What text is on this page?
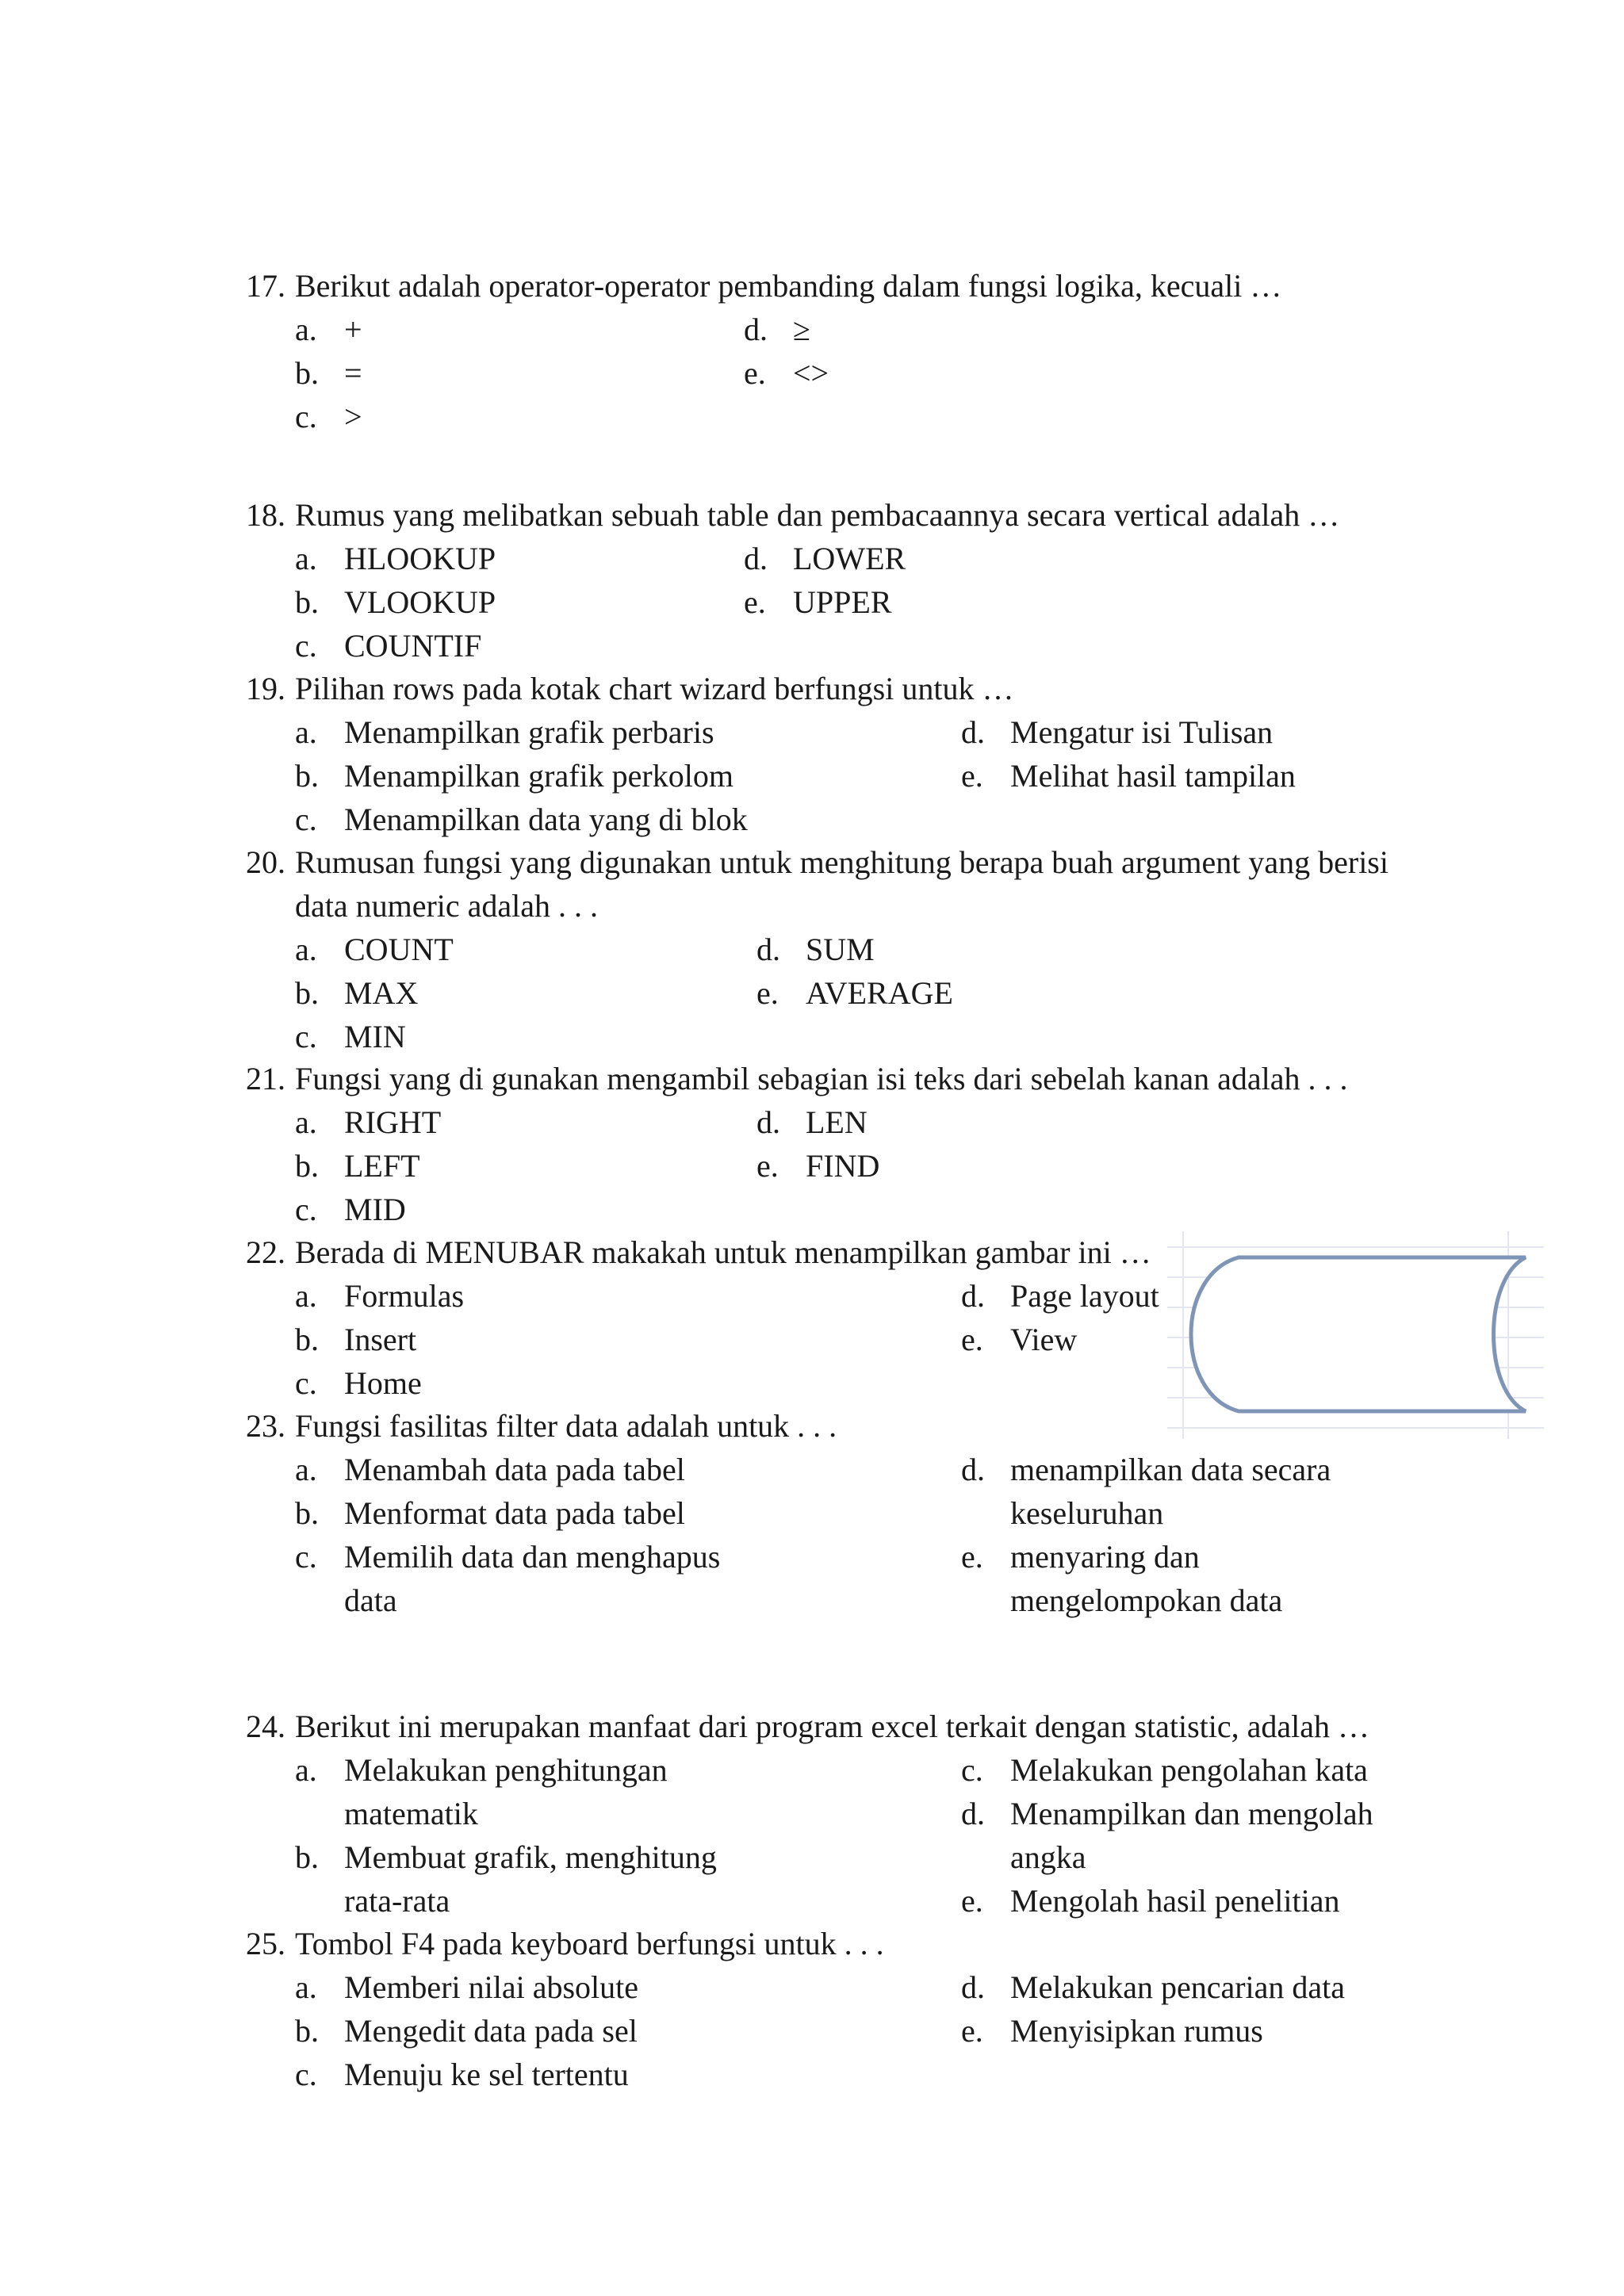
17. Berikut adalah operator-operator pembanding dalam fungsi logika, kecuali …
a. +
b. =
c. >
d. ≥
e. <>
18. Rumus yang melibatkan sebuah table dan pembacaannya secara vertical adalah …
a. HLOOKUP
b. VLOOKUP
c. COUNTIF
d. LOWER
e. UPPER
19. Pilihan rows pada kotak chart wizard berfungsi untuk …
a. Menampilkan grafik perbaris
b. Menampilkan grafik perkolom
c. Menampilkan data yang di blok
d. Mengatur isi Tulisan
e. Melihat hasil tampilan
20. Rumusan fungsi yang digunakan untuk menghitung berapa buah argument yang berisi
data numeric adalah . . .
a. COUNT
b. MAX
c. MIN
d. SUM
e. AVERAGE
21. Fungsi yang di gunakan mengambil sebagian isi teks dari sebelah kanan adalah . . .
a. RIGHT
b. LEFT
c. MID
d. LEN
e. FIND
22. Berada di MENUBAR makakah untuk menampilkan gambar ini …
a. Formulas
b. Insert
c. Home
d. Page layout
e. View
23. Fungsi fasilitas filter data adalah untuk . . .
a. Menambah data pada tabel
b. Menformat data pada tabel
c. Memilih data dan menghapus
data
d. menampilkan data secara
keseluruhan
e. menyaring dan
mengelompokan data
24. Berikut ini merupakan manfaat dari program excel terkait dengan statistic, adalah …
a. Melakukan penghitungan
matematik
b. Membuat grafik, menghitung
rata-rata
c. Melakukan pengolahan kata
d. Menampilkan dan mengolah
angka
e. Mengolah hasil penelitian
25. Tombol F4 pada keyboard berfungsi untuk . . .
a. Memberi nilai absolute
b. Mengedit data pada sel
c. Menuju ke sel tertentu
d. Melakukan pencarian data
e. Menyisipkan rumus
